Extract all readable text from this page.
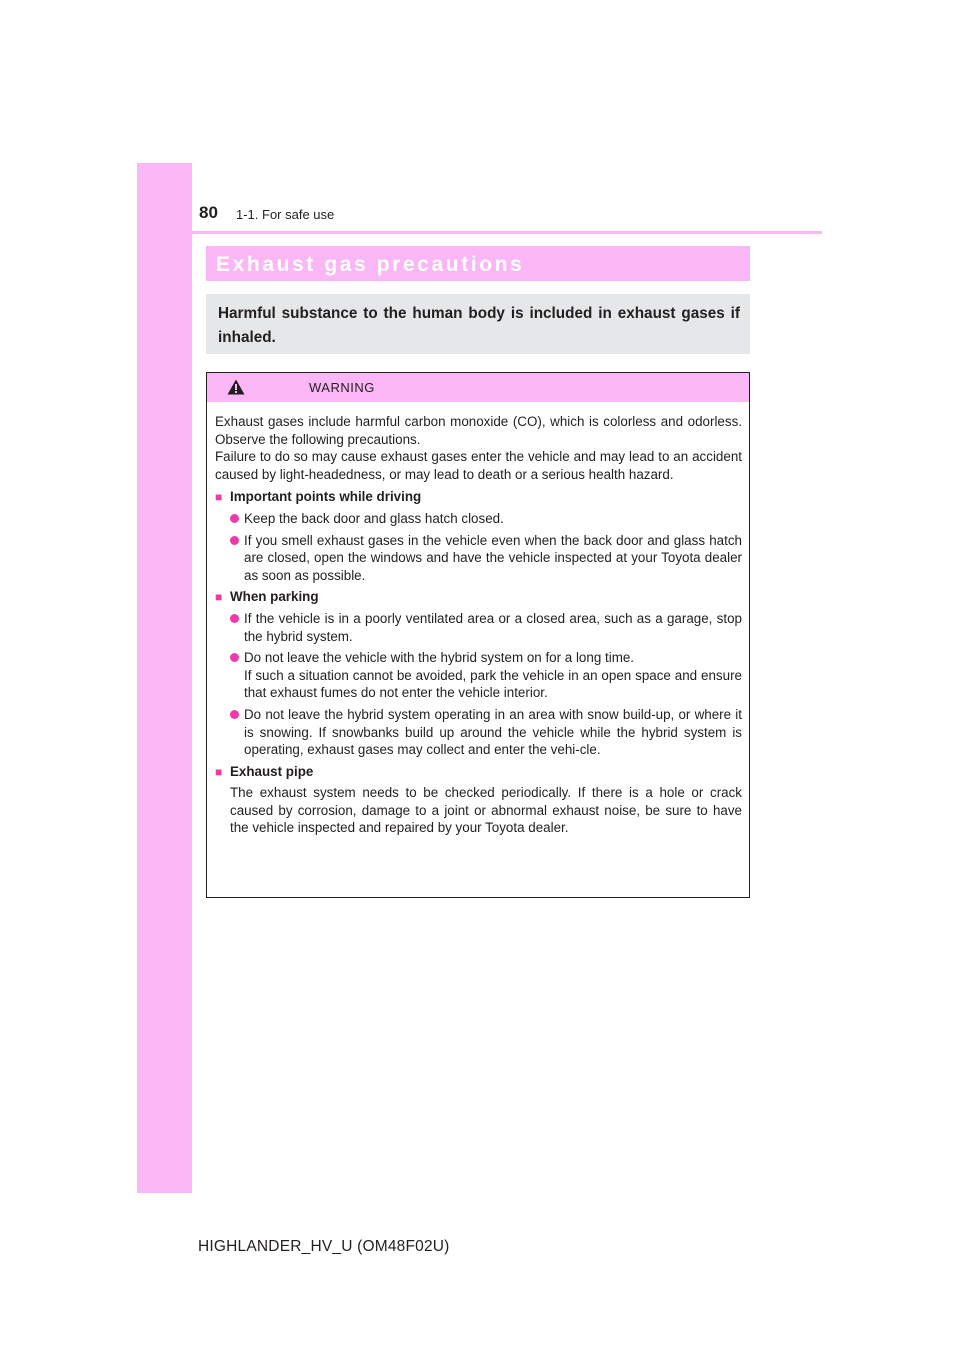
80 1-1. For safe use
Exhaust gas precautions
Harmful substance to the human body is included in exhaust gases if inhaled.
WARNING
Exhaust gases include harmful carbon monoxide (CO), which is colorless and odorless. Observe the following precautions.
Failure to do so may cause exhaust gases enter the vehicle and may lead to an accident caused by light-headedness, or may lead to death or a serious health hazard.
■ Important points while driving
Keep the back door and glass hatch closed.
If you smell exhaust gases in the vehicle even when the back door and glass hatch are closed, open the windows and have the vehicle inspected at your Toyota dealer as soon as possible.
■ When parking
If the vehicle is in a poorly ventilated area or a closed area, such as a garage, stop the hybrid system.
Do not leave the vehicle with the hybrid system on for a long time.
If such a situation cannot be avoided, park the vehicle in an open space and ensure that exhaust fumes do not enter the vehicle interior.
Do not leave the hybrid system operating in an area with snow build-up, or where it is snowing. If snowbanks build up around the vehicle while the hybrid system is operating, exhaust gases may collect and enter the vehi-cle.
■ Exhaust pipe
The exhaust system needs to be checked periodically. If there is a hole or crack caused by corrosion, damage to a joint or abnormal exhaust noise, be sure to have the vehicle inspected and repaired by your Toyota dealer.
HIGHLANDER_HV_U (OM48F02U)
